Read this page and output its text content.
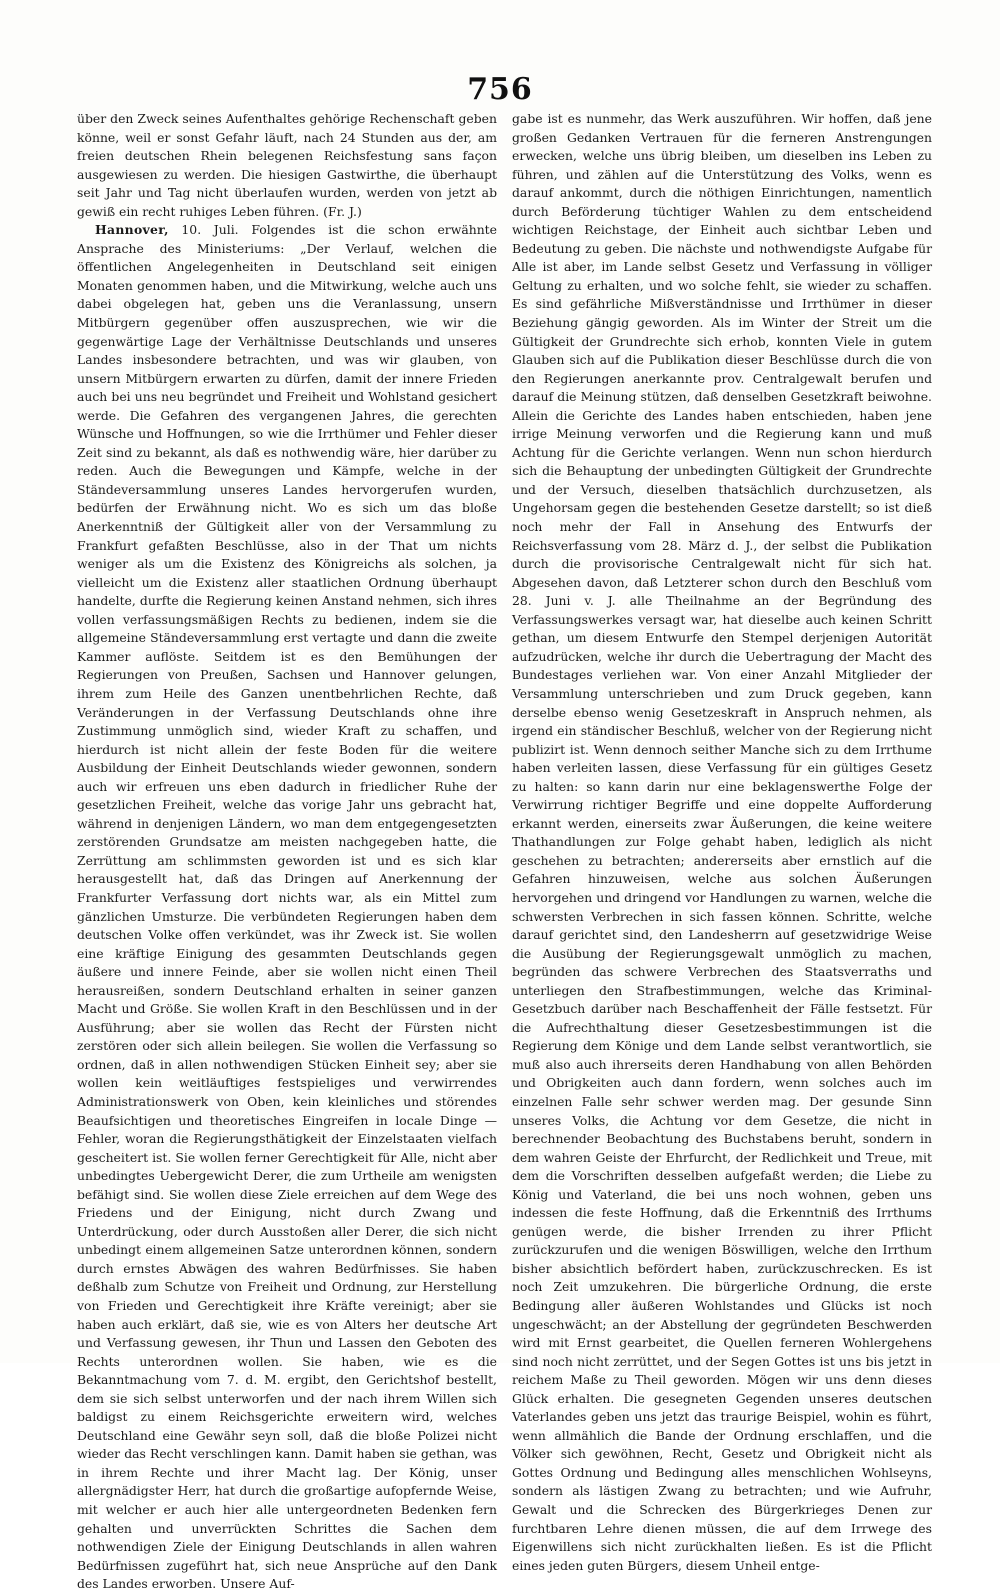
756

über den Zweck seines Aufenthaltes gehörige Rechenschaft geben könne, weil er sonst Gefahr läuft, nach 24 Stunden aus der, am freien deutschen Rhein belegenen Reichsfestung sans façon ausgewiesen zu werden. Die hiesigen Gastwirthe, die überhaupt seit Jahr und Tag nicht überlaufen wurden, werden von jetzt ab gewiß ein recht ruhiges Leben führen. (Fr. J.)

Hannover, 10. Juli. Folgendes ist die schon erwähnte Ansprache des Ministeriums: „Der Verlauf, welchen die öffentlichen Angelegenheiten in Deutschland seit einigen Monaten genommen haben, und die Mitwirkung, welche auch uns dabei obgelegen hat, geben uns die Veranlassung, unsern Mitbürgern gegenüber offen auszusprechen, wie wir die gegenwärtige Lage der Verhältnisse Deutschlands und unseres Landes insbesondere betrachten, und was wir glauben, von unsern Mitbürgern erwarten zu dürfen, damit der innere Frieden auch bei uns neu begründet und Freiheit und Wohlstand gesichert werde. Die Gefahren des vergangenen Jahres, die gerechten Wünsche und Hoffnungen, so wie die Irrthümer und Fehler dieser Zeit sind zu bekannt, als daß es nothwendig wäre, hier darüber zu reden. Auch die Bewegungen und Kämpfe, welche in der Ständeversammlung unseres Landes hervorgerufen wurden, bedürfen der Erwähnung nicht. Wo es sich um das bloße Anerkenntniß der Gültigkeit aller von der Versammlung zu Frankfurt gefaßten Beschlüsse, also in der That um nichts weniger als um die Existenz des Königreichs als solchen, ja vielleicht um die Existenz aller staatlichen Ordnung überhaupt handelte, durfte die Regierung keinen Anstand nehmen, sich ihres vollen verfassungsmäßigen Rechts zu bedienen, indem sie die allgemeine Ständeversammlung erst vertagte und dann die zweite Kammer auflöste. Seitdem ist es den Bemühungen der Regierungen von Preußen, Sachsen und Hannover gelungen, ihrem zum Heile des Ganzen unentbehrlichen Rechte, daß Veränderungen in der Verfassung Deutschlands ohne ihre Zustimmung unmöglich sind, wieder Kraft zu schaffen, und hierdurch ist nicht allein der feste Boden für die weitere Ausbildung der Einheit Deutschlands wieder gewonnen, sondern auch wir erfreuen uns eben dadurch in friedlicher Ruhe der gesetzlichen Freiheit, welche das vorige Jahr uns gebracht hat, während in denjenigen Ländern, wo man dem entgegengesetzten zerstörenden Grundsatze am meisten nachgegeben hatte, die Zerrüttung am schlimmsten geworden ist und es sich klar herausgestellt hat, daß das Dringen auf Anerkennung der Frankfurter Verfassung dort nichts war, als ein Mittel zum gänzlichen Umsturze. Die verbündeten Regierungen haben dem deutschen Volke offen verkündet, was ihr Zweck ist. Sie wollen eine kräftige Einigung des gesammten Deutschlands gegen äußere und innere Feinde, aber sie wollen nicht einen Theil herausreißen, sondern Deutschland erhalten in seiner ganzen Macht und Größe. Sie wollen Kraft in den Beschlüssen und in der Ausführung; aber sie wollen das Recht der Fürsten nicht zerstören oder sich allein beilegen. Sie wollen die Verfassung so ordnen, daß in allen nothwendigen Stücken Einheit sey; aber sie wollen kein weitläuftiges festspieliges und verwirrendes Administrationswerk von Oben, kein kleinliches und störendes Beaufsichtigen und theoretisches Eingreifen in locale Dinge — Fehler, woran die Regierungsthätigkeit der Einzelstaaten vielfach gescheitert ist. Sie wollen ferner Gerechtigkeit für Alle, nicht aber unbedingtes Uebergewicht Derer, die zum Urtheile am wenigsten befähigt sind. Sie wollen diese Ziele erreichen auf dem Wege des Friedens und der Einigung, nicht durch Zwang und Unterdrückung, oder durch Ausstoßen aller Derer, die sich nicht unbedingt einem allgemeinen Satze unterordnen können, sondern durch ernstes Abwägen des wahren Bedürfnisses. Sie haben deßhalb zum Schutze von Freiheit und Ordnung, zur Herstellung von Frieden und Gerechtigkeit ihre Kräfte vereinigt; aber sie haben auch erklärt, daß sie, wie es von Alters her deutsche Art und Verfassung gewesen, ihr Thun und Lassen den Geboten des Rechts unterordnen wollen. Sie haben, wie es die Bekanntmachung vom 7. d. M. ergibt, den Gerichtshof bestellt, dem sie sich selbst unterworfen und der nach ihrem Willen sich baldigst zu einem Reichsgerichte erweitern wird, welches Deutschland eine Gewähr seyn soll, daß die bloße Polizei nicht wieder das Recht verschlingen kann. Damit haben sie gethan, was in ihrem Rechte und ihrer Macht lag. Der König, unser allergnädigster Herr, hat durch die großartige aufopfernde Weise, mit welcher er auch hier alle untergeordneten Bedenken fern gehalten und unverrückten Schrittes die Sachen dem nothwendigen Ziele der Einigung Deutschlands in allen wahren Bedürfnissen zugeführt hat, sich neue Ansprüche auf den Dank des Landes erworben. Unsere Auf-

gabe ist es nunmehr, das Werk auszuführen. Wir hoffen, daß jene großen Gedanken Vertrauen für die ferneren Anstrengungen erwecken, welche uns übrig bleiben, um dieselben ins Leben zu führen, und zählen auf die Unterstützung des Volks, wenn es darauf ankommt, durch die nöthigen Einrichtungen, namentlich durch Beförderung tüchtiger Wahlen zu dem entscheidend wichtigen Reichstage, der Einheit auch sichtbar Leben und Bedeutung zu geben. Die nächste und nothwendigste Aufgabe für Alle ist aber, im Lande selbst Gesetz und Verfassung in völliger Geltung zu erhalten, und wo solche fehlt, sie wieder zu schaffen. Es sind gefährliche Mißverständnisse und Irrthümer in dieser Beziehung gängig geworden. Als im Winter der Streit um die Gültigkeit der Grundrechte sich erhob, konnten Viele in gutem Glauben sich auf die Publikation dieser Beschlüsse durch die von den Regierungen anerkannte prov. Centralgewalt berufen und darauf die Meinung stützen, daß denselben Gesetzkraft beiwohne. Allein die Gerichte des Landes haben entschieden, haben jene irrige Meinung verworfen und die Regierung kann und muß Achtung für die Gerichte verlangen. Wenn nun schon hierdurch sich die Behauptung der unbedingten Gültigkeit der Grundrechte und der Versuch, dieselben thatsächlich durchzusetzen, als Ungehorsam gegen die bestehenden Gesetze darstellt; so ist dieß noch mehr der Fall in Ansehung des Entwurfs der Reichsverfassung vom 28. März d. J., der selbst die Publikation durch die provisorische Centralgewalt nicht für sich hat. Abgesehen davon, daß Letzterer schon durch den Beschluß vom 28. Juni v. J. alle Theilnahme an der Begründung des Verfassungswerkes versagt war, hat dieselbe auch keinen Schritt gethan, um diesem Entwurfe den Stempel derjenigen Autorität aufzudrücken, welche ihr durch die Uebertragung der Macht des Bundestages verliehen war. Von einer Anzahl Mitglieder der Versammlung unterschrieben und zum Druck gegeben, kann derselbe ebenso wenig Gesetzeskraft in Anspruch nehmen, als irgend ein ständischer Beschluß, welcher von der Regierung nicht publizirt ist. Wenn dennoch seither Manche sich zu dem Irrthume haben verleiten lassen, diese Verfassung für ein gültiges Gesetz zu halten: so kann darin nur eine beklagenswerthe Folge der Verwirrung richtiger Begriffe und eine doppelte Aufforderung erkannt werden, einerseits zwar Äußerungen, die keine weitere Thathandlungen zur Folge gehabt haben, lediglich als nicht geschehen zu betrachten; andererseits aber ernstlich auf die Gefahren hinzuweisen, welche aus solchen Äußerungen hervorgehen und dringend vor Handlungen zu warnen, welche die schwersten Verbrechen in sich fassen können. Schritte, welche darauf gerichtet sind, den Landesherrn auf gesetzwidrige Weise die Ausübung der Regierungsgewalt unmöglich zu machen, begründen das schwere Verbrechen des Staatsverraths und unterliegen den Strafbestimmungen, welche das Kriminal-Gesetzbuch darüber nach Beschaffenheit der Fälle festsetzt. Für die Aufrechthaltung dieser Gesetzesbestimmungen ist die Regierung dem Könige und dem Lande selbst verantwortlich, sie muß also auch ihrerseits deren Handhabung von allen Behörden und Obrigkeiten auch dann fordern, wenn solches auch im einzelnen Falle sehr schwer werden mag. Der gesunde Sinn unseres Volks, die Achtung vor dem Gesetze, die nicht in berechnender Beobachtung des Buchstabens beruht, sondern in dem wahren Geiste der Ehrfurcht, der Redlichkeit und Treue, mit dem die Vorschriften desselben aufgefaßt werden; die Liebe zu König und Vaterland, die bei uns noch wohnen, geben uns indessen die feste Hoffnung, daß die Erkenntniß des Irrthums genügen werde, die bisher Irrenden zu ihrer Pflicht zurückzurufen und die wenigen Böswilligen, welche den Irrthum bisher absichtlich befördert haben, zurückzuschrecken. Es ist noch Zeit umzukehren. Die bürgerliche Ordnung, die erste Bedingung aller äußeren Wohlstandes und Glücks ist noch ungeschwächt; an der Abstellung der gegründeten Beschwerden wird mit Ernst gearbeitet, die Quellen ferneren Wohlergehens sind noch nicht zerrüttet, und der Segen Gottes ist uns bis jetzt in reichem Maße zu Theil geworden. Mögen wir uns denn dieses Glück erhalten. Die gesegneten Gegenden unseres deutschen Vaterlandes geben uns jetzt das traurige Beispiel, wohin es führt, wenn allmählich die Bande der Ordnung erschlaffen, und die Völker sich gewöhnen, Recht, Gesetz und Obrigkeit nicht als Gottes Ordnung und Bedingung alles menschlichen Wohlseyns, sondern als lästigen Zwang zu betrachten; und wie Aufruhr, Gewalt und die Schrecken des Bürgerkrieges Denen zur furchtbaren Lehre dienen müssen, die auf dem Irrwege des Eigenwillens sich nicht zurückhalten ließen. Es ist die Pflicht eines jeden guten Bürgers, diesem Unheil entge-
